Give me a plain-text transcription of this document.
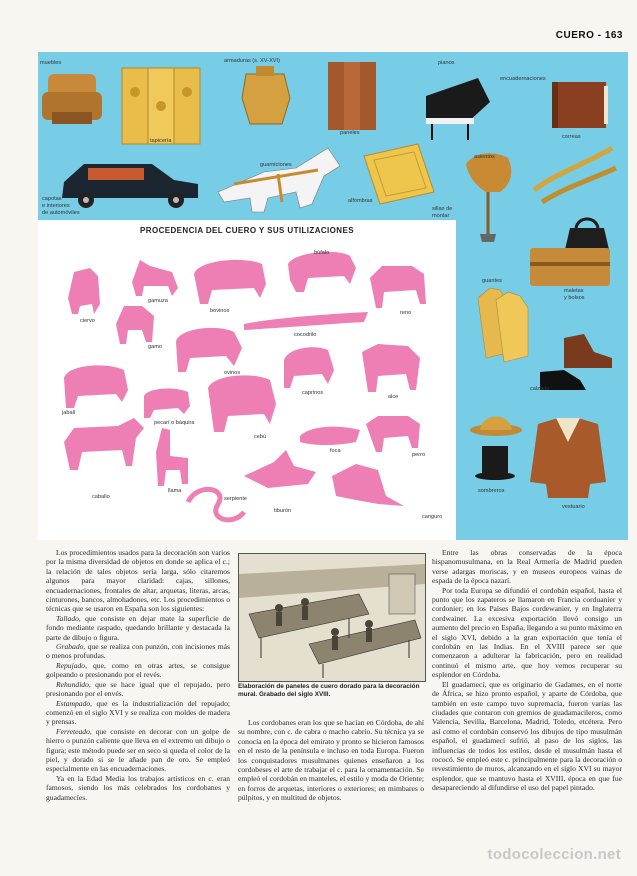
CUERO - 163
muebles	armaduras (s. XV-XVI)	pianos
encuadernaciones
tapicería
paneles
correas
guarniciones
asientos
alfombras
sillas de montar
capotas
e interiores
de automóviles
guantes
maletas
y bolsos
calzado
sombreros
vestuario
PROCEDENCIA DEL CUERO Y SUS UTILIZACIONES
gamuza
búfalo
ciervo
bovinos	reno
cocodrilo
gamo
ovinos
caprinos
alce
jabalí
pecarí o báquira
cebú
foca
perro
caballo
llama
serpiente
tiburón
canguro

Los procedimientos usados para la decoración son varios por la misma diversidad de objetos en donde se aplica el c.; la relación de tales objetos sería larga, sólo citaremos algunos para mayor claridad: cajas, sillones, encuadernaciones, frontales de altar, arquetas, literas, arcas, cinturones, bancos, almohadones, etc. Los procedimientos o técnicas que se usaron en España son los siguientes:

Tallado, que consiste en dejar mate la superficie de fondo mediante raspado, quedando brillante y destacada la parte de dibujo o figura.

Grabado, que se realiza con punzón, con incisiones más o menos profundas.

Repujado, que, como en otras artes, se consigue golpeando o presionando por el revés.

Rehundido, que se hace igual que el repujado, pero presionando por el envés.

Estampado, que es la industrialización del repujado; comenzó en el siglo XVI y se realiza con moldes de madera y prensas.

Ferreteado, que consiste en decorar con un golpe de hierro o punzón caliente que lleva en el extremo un dibujo o figura; este método puede ser en seco si queda el color de la piel, y dorado si se le añade pan de oro. Se empleó especialmente en las encuadernaciones.

Ya en la Edad Media los trabajos artísticos en c. eran famosos, siendo los más celebrados los cordobanes y guadamecíes.

Elaboración de paneles de cuero dorado para la decoración mural. Grabado del siglo XVIII.

Los cordobanes eran los que se hacían en Córdoba, de ahí su nombre, con c. de cabra o macho cabrío. Su técnica ya se conocía en la época del emirato y pronto se hicieron famosos en el resto de la península e incluso en toda Europa. Fueron los conquistadores musulmanes quienes enseñaron a los cordobeses el arte de trabajar el c. para la ornamentación. Se empleó el cordobán en manteles, el estilo y moda de Oriente; en forros de arquetas, interiores o exteriores; en mimbares o púlpitos, y en multitud de objetos.

Entre las obras conservadas de la época hispanomusulmana, en la Real Armería de Madrid pueden verse adargas moriscas, y en museos europeos vainas de espada de la época nazarí.

Por toda Europa se difundió el cordobán español, hasta el punto que los zapateros se llamaron en Francia corduanier y cordonier; en los Países Bajos cordewanier, y en Inglaterra cordwainer. La excesiva exportación llevó consigo un aumento del precio en España, llegando a su punto máximo en el siglo XVI, debido a la gran exportación que tenía el cordobán en las Indias. En el XVIII parece ser que comenzaron a adulterar la fabricación, pero en realidad continuó el mismo arte, que hoy vemos recuperar su esplendor en Córdoba.

El guadamecí, que es originario de Gadames, en el norte de África, se hizo pronto español, y aparte de Córdoba, que también en este campo tuvo supremacía, fueron varias las ciudades que contaron con gremios de guadamacileros, como Valencia, Sevilla, Barcelona, Madrid, Toledo, etcétera. Pero así como el cordobán conservó los dibujos de tipo musulmán español, el guadamecí sufrió, al paso de los siglos, las influencias de todos los estilos, desde el musulmán hasta el rococó. Se empleó este c. principalmente para la decoración o revestimiento de muros, alcanzando en el siglo XVI su mayor esplendor, que se mantuvo hasta el XVIII, época en que fue desapareciendo al difundirse el uso del papel pintado.

todocoleccion.net
